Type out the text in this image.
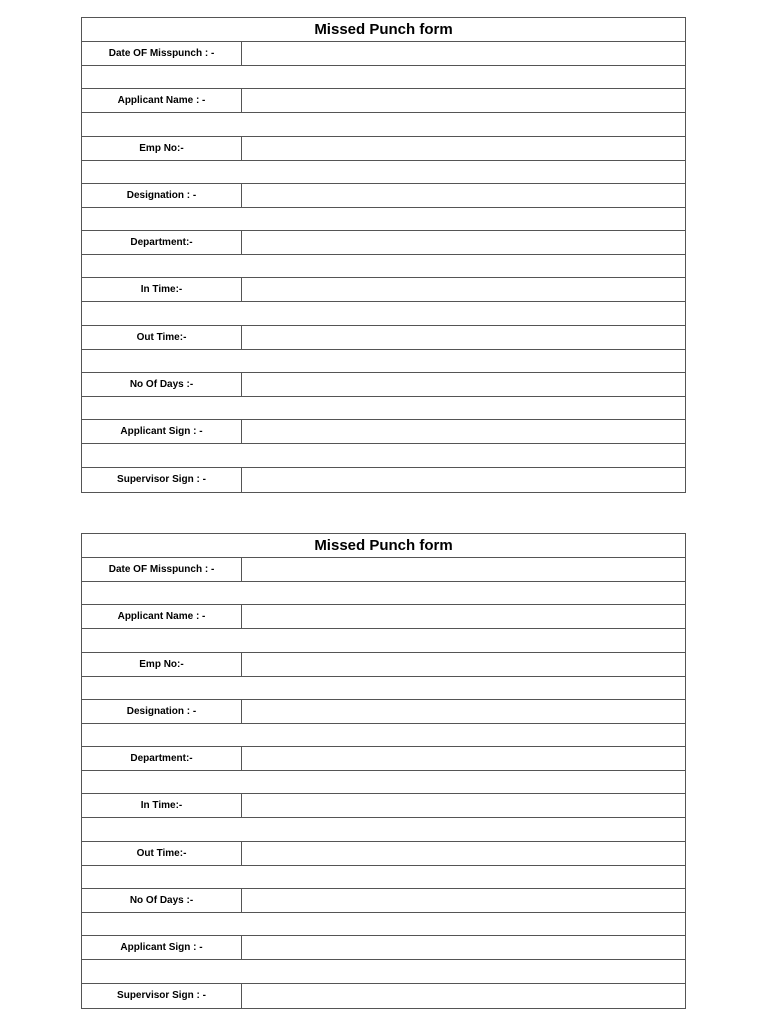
Missed Punch form
Date OF Misspunch : -
Applicant Name : -
Emp No:-
Designation : -
Department:-
In Time:-
Out Time:-
No Of Days :-
Applicant Sign : -
Supervisor Sign : -
Missed Punch form
Date OF Misspunch : -
Applicant Name : -
Emp No:-
Designation : -
Department:-
In Time:-
Out Time:-
No Of Days :-
Applicant Sign : -
Supervisor Sign : -
